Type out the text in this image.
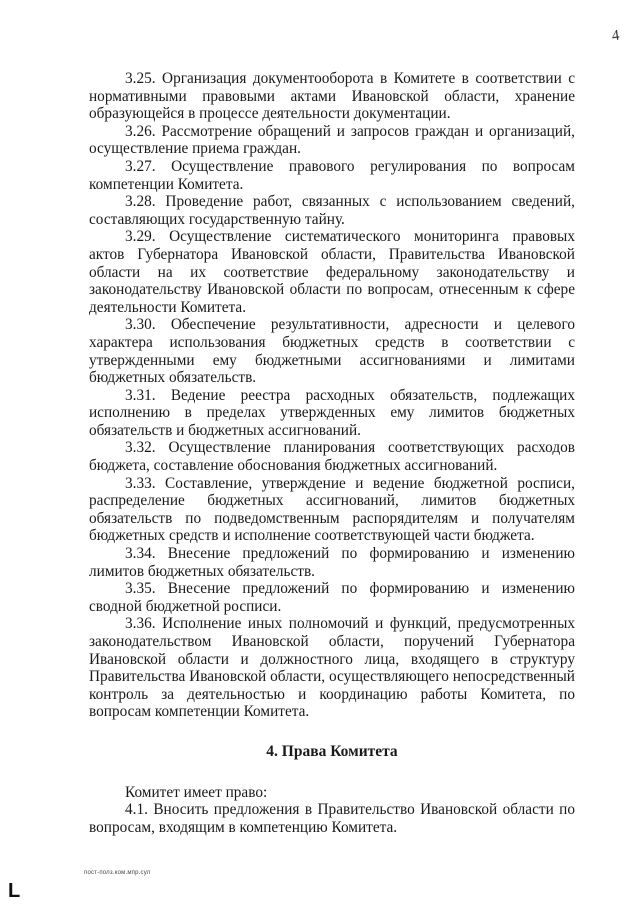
4

3.25. Организация документооборота в Комитете в соответствии с нормативными правовыми актами Ивановской области, хранение образующейся в процессе деятельности документации.

3.26. Рассмотрение обращений и запросов граждан и организаций, осуществление приема граждан.

3.27. Осуществление правового регулирования по вопросам компетенции Комитета.

3.28. Проведение работ, связанных с использованием сведений, составляющих государственную тайну.

3.29. Осуществление систематического мониторинга правовых актов Губернатора Ивановской области, Правительства Ивановской области на их соответствие федеральному законодательству и законодательству Ивановской области по вопросам, отнесенным к сфере деятельности Комитета.

3.30. Обеспечение результативности, адресности и целевого характера использования бюджетных средств в соответствии с утвержденными ему бюджетными ассигнованиями и лимитами бюджетных обязательств.

3.31. Ведение реестра расходных обязательств, подлежащих исполнению в пределах утвержденных ему лимитов бюджетных обязательств и бюджетных ассигнований.

3.32. Осуществление планирования соответствующих расходов бюджета, составление обоснования бюджетных ассигнований.

3.33. Составление, утверждение и ведение бюджетной росписи, распределение бюджетных ассигнований, лимитов бюджетных обязательств по подведомственным распорядителям и получателям бюджетных средств и исполнение соответствующей части бюджета.

3.34. Внесение предложений по формированию и изменению лимитов бюджетных обязательств.

3.35. Внесение предложений по формированию и изменению сводной бюджетной росписи.

3.36. Исполнение иных полномочий и функций, предусмотренных законодательством Ивановской области, поручений Губернатора Ивановской области и должностного лица, входящего в структуру Правительства Ивановской области, осуществляющего непосредственный контроль за деятельностью и координацию работы Комитета, по вопросам компетенции Комитета.

4. Права Комитета

Комитет имеет право:

4.1. Вносить предложения в Правительство Ивановской области по вопросам, входящим в компетенцию Комитета.

пост-полз.ком.мпр.сул
L
